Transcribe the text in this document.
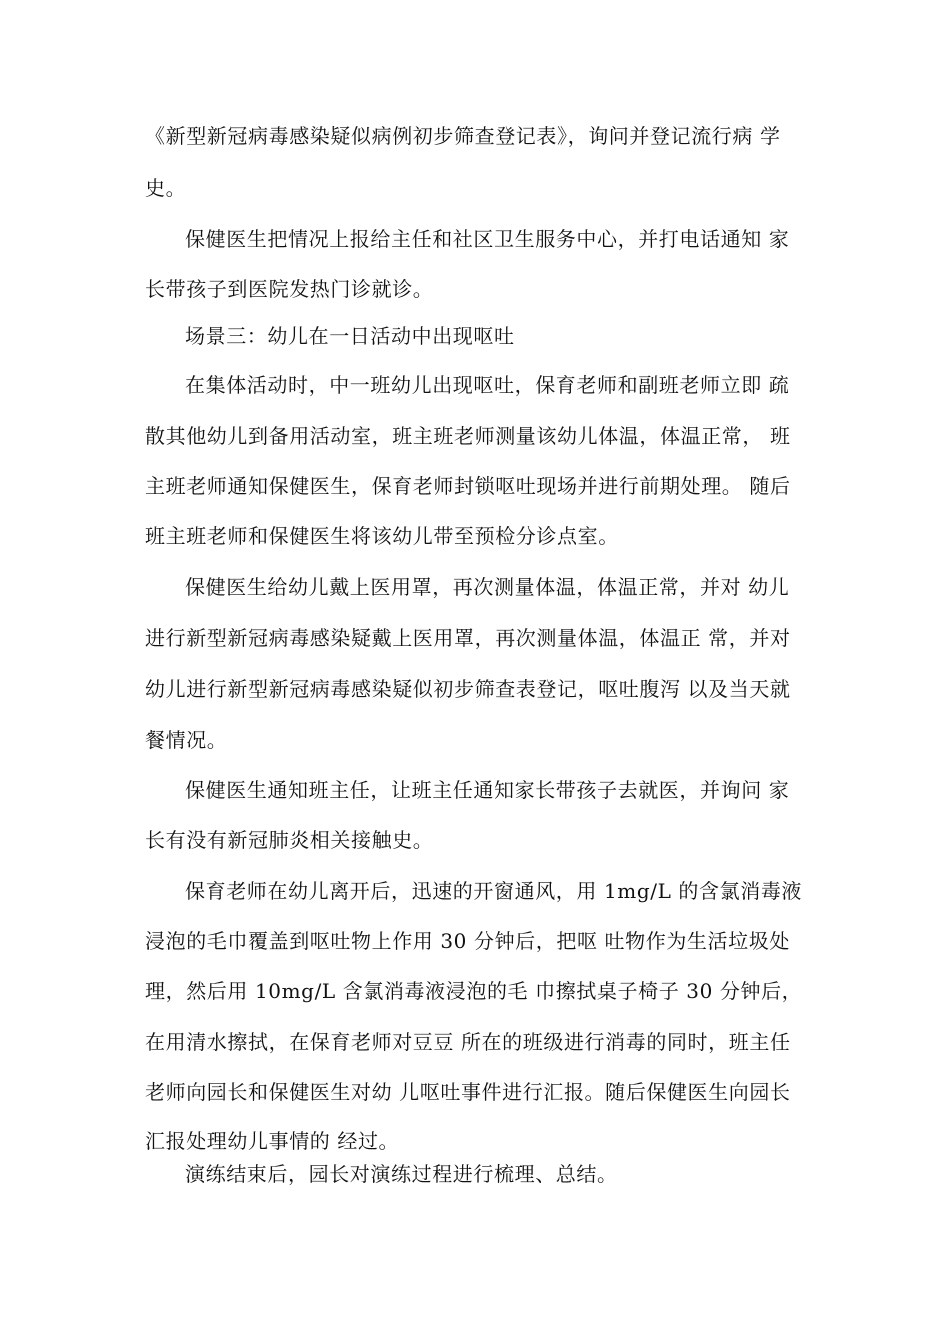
《新型新冠病毒感染疑似病例初步筛查登记表》，询问并登记流行病 学

史。

保健医生把情况上报给主任和社区卫生服务中心，并打电话通知 家

长带孩子到医院发热门诊就诊。

场景三：幼儿在一日活动中出现呕吐

在集体活动时，中一班幼儿出现呕吐，保育老师和副班老师立即 疏

散其他幼儿到备用活动室，班主班老师测量该幼儿体温，体温正常， 班

主班老师通知保健医生，保育老师封锁呕吐现场并进行前期处理。 随后

班主班老师和保健医生将该幼儿带至预检分诊点室。

保健医生给幼儿戴上医用罩，再次测量体温，体温正常，并对 幼儿

进行新型新冠病毒感染疑戴上医用罩，再次测量体温，体温正 常，并对

幼儿进行新型新冠病毒感染疑似初步筛查表登记，呕吐腹泻 以及当天就

餐情况。

保健医生通知班主任，让班主任通知家长带孩子去就医，并询问 家

长有没有新冠肺炎相关接触史。

保育老师在幼儿离开后，迅速的开窗通风，用 1mg/L 的含氯消毒液

浸泡的毛巾覆盖到呕吐物上作用 30 分钟后，把呕 吐物作为生活垃圾处

理，然后用 10mg/L 含氯消毒液浸泡的毛 巾擦拭桌子椅子 30 分钟后，

在用清水擦拭，在保育老师对豆豆 所在的班级进行消毒的同时，班主任

老师向园长和保健医生对幼 儿呕吐事件进行汇报。随后保健医生向园长

汇报处理幼儿事情的 经过。

演练结束后，园长对演练过程进行梳理、总结。
